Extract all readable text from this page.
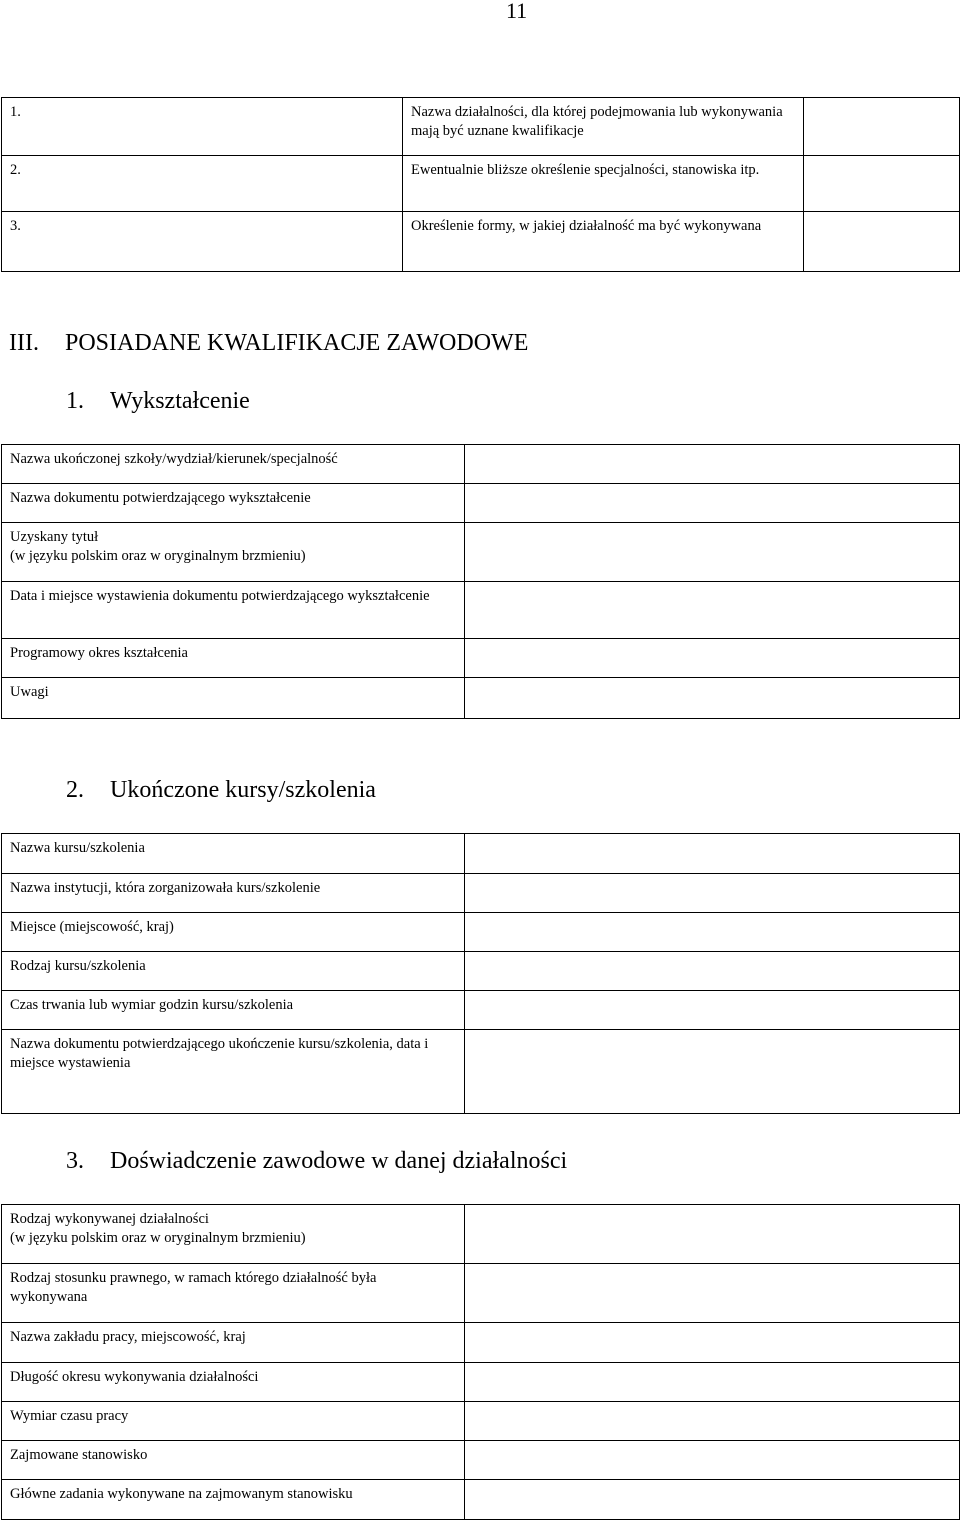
11
1.	Nazwa działalności, dla której podejmowania lub wykonywania mają być uznane kwalifikacje	
2.	Ewentualnie bliższe określenie specjalności, stanowiska itp.	
3.	Określenie formy, w jakiej działalność ma być wykonywana	
III. POSIADANE KWALIFIKACJE ZAWODOWE
1. Wykształcenie
Nazwa ukończonej szkoły/wydział/kierunek/specjalność	
Nazwa dokumentu potwierdzającego wykształcenie	
Uzyskany tytuł
(w języku polskim oraz w oryginalnym brzmieniu)	
Data i miejsce wystawienia dokumentu potwierdzającego wykształcenie	
Programowy okres kształcenia	
Uwagi	
2. Ukończone kursy/szkolenia
Nazwa kursu/szkolenia	
Nazwa instytucji, która zorganizowała kurs/szkolenie	
Miejsce (miejscowość, kraj)	
Rodzaj kursu/szkolenia	
Czas trwania lub wymiar godzin kursu/szkolenia	
Nazwa dokumentu potwierdzającego ukończenie kursu/szkolenia, data i miejsce wystawienia	
3. Doświadczenie zawodowe w danej działalności
Rodzaj wykonywanej działalności
(w języku polskim oraz w oryginalnym brzmieniu)	
Rodzaj stosunku prawnego, w ramach którego działalność była wykonywana	
Nazwa zakładu pracy, miejscowość, kraj	
Długość okresu wykonywania działalności	
Wymiar czasu pracy	
Zajmowane stanowisko	
Główne zadania wykonywane na zajmowanym stanowisku	
